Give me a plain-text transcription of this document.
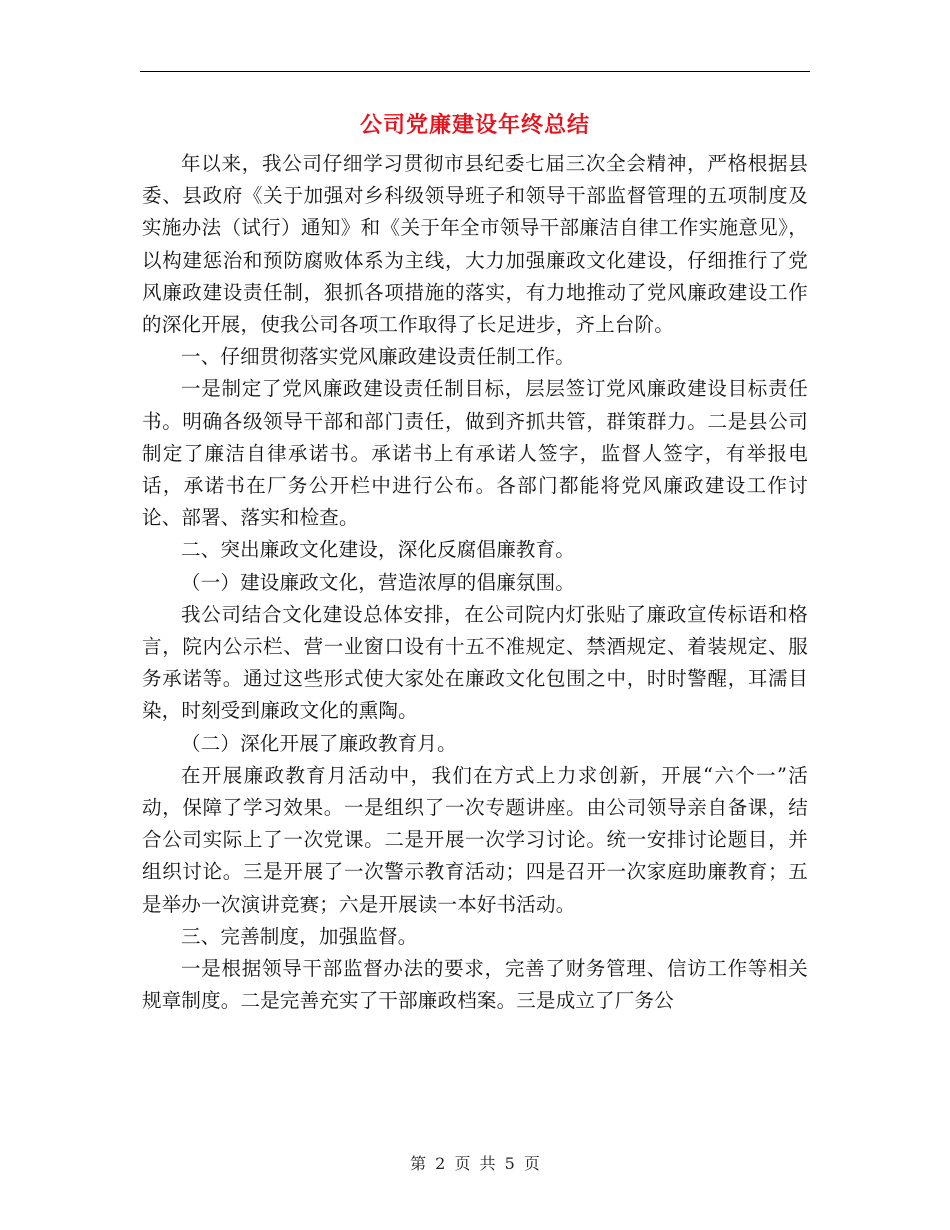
公司党廉建设年终总结

年以来，我公司仔细学习贯彻市县纪委七届三次全会精神，严格根据县委、县政府《关于加强对乡科级领导班子和领导干部监督管理的五项制度及实施办法（试行）通知》和《关于年全市领导干部廉洁自律工作实施意见》，以构建惩治和预防腐败体系为主线，大力加强廉政文化建设，仔细推行了党风廉政建设责任制，狠抓各项措施的落实，有力地推动了党风廉政建设工作的深化开展，使我公司各项工作取得了长足进步，齐上台阶。

一、仔细贯彻落实党风廉政建设责任制工作。

一是制定了党风廉政建设责任制目标，层层签订党风廉政建设目标责任书。明确各级领导干部和部门责任，做到齐抓共管，群策群力。二是县公司制定了廉洁自律承诺书。承诺书上有承诺人签字，监督人签字，有举报电话，承诺书在厂务公开栏中进行公布。各部门都能将党风廉政建设工作讨论、部署、落实和检查。

二、突出廉政文化建设，深化反腐倡廉教育。

（一）建设廉政文化，营造浓厚的倡廉氛围。

我公司结合文化建设总体安排，在公司院内灯张贴了廉政宣传标语和格言，院内公示栏、营一业窗口设有十五不准规定、禁酒规定、着装规定、服务承诺等。通过这些形式使大家处在廉政文化包围之中，时时警醒，耳濡目染，时刻受到廉政文化的熏陶。

（二）深化开展了廉政教育月。

在开展廉政教育月活动中，我们在方式上力求创新，开展“六个一”活动，保障了学习效果。一是组织了一次专题讲座。由公司领导亲自备课，结合公司实际上了一次党课。二是开展一次学习讨论。统一安排讨论题目，并组织讨论。三是开展了一次警示教育活动；四是召开一次家庭助廉教育；五是举办一次演讲竞赛；六是开展读一本好书活动。

三、完善制度，加强监督。

一是根据领导干部监督办法的要求，完善了财务管理、信访工作等相关规章制度。二是完善充实了干部廉政档案。三是成立了厂务公

第 2 页 共 5 页
